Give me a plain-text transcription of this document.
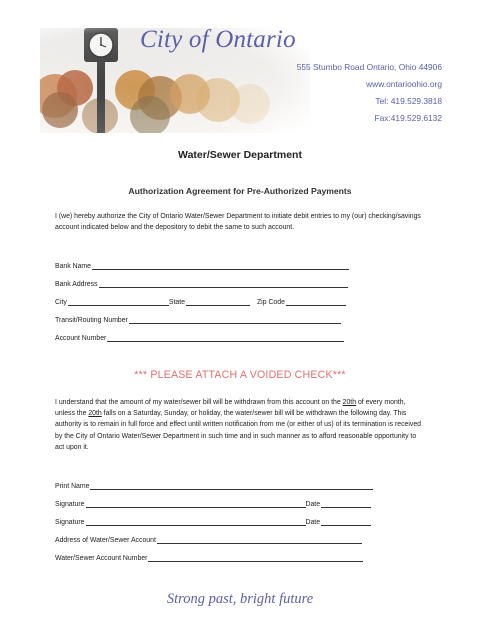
City of Ontario
555 Stumbo Road Ontario, Ohio 44906
www.ontarioohio.org
Tel: 419.529.3818
Fax:419.529.6132
Water/Sewer Department
Authorization Agreement for Pre-Authorized Payments
I (we) hereby authorize the City of Ontario Water/Sewer Department to initiate debit entries to my (our) checking/savings account indicated below and the depository to debit the same to such account.
Bank Name
Bank Address
City	State	Zip Code
Transit/Routing Number
Account Number
*** PLEASE ATTACH A VOIDED CHECK***
I understand that the amount of my water/sewer bill will be withdrawn from this account on the 20th of every month, unless the 20th falls on a Saturday, Sunday, or holiday, the water/sewer bill will be withdrawn the following day. This authority is to remain in full force and effect until written notification from me (or either of us) of its termination is received by the City of Ontario Water/Sewer Department in such time and in such manner as to afford reasonable opportunity to act upon it.
Print Name
Signature	Date
Signature	Date
Address of Water/Sewer Account
Water/Sewer Account Number
Strong past, bright future
